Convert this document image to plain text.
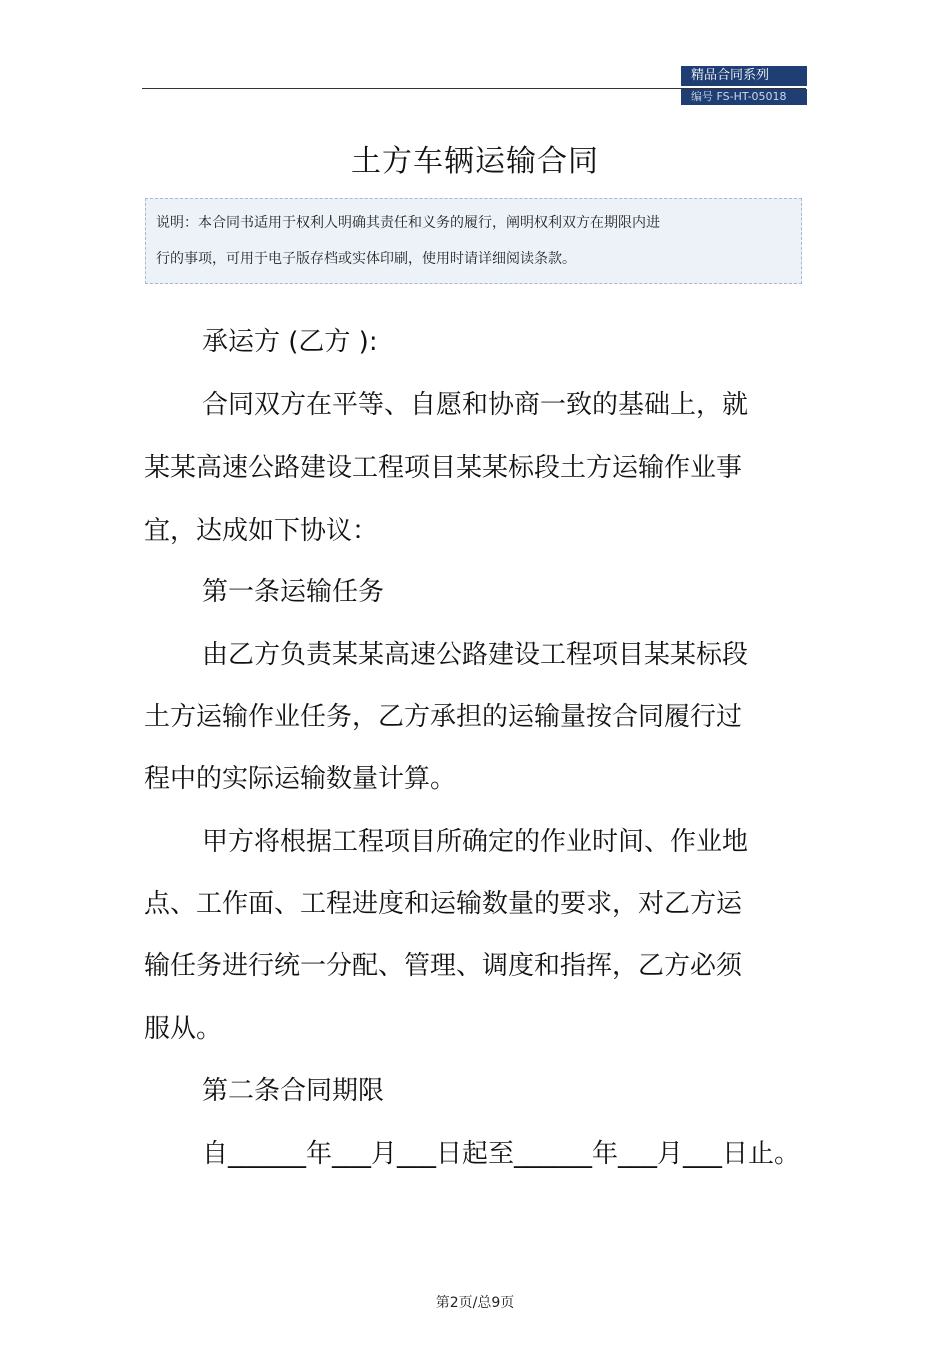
精品合同系列
编号 FS-HT-05018
土方车辆运输合同
说明：本合同书适用于权利人明确其责任和义务的履行，阐明权利双方在期限内进
行的事项，可用于电子版存档或实体印刷，使用时请详细阅读条款。
承运方 (乙方 ):
合同双方在平等、自愿和协商一致的基础上，就
某某高速公路建设工程项目某某标段土方运输作业事
宜，达成如下协议：
第一条运输任务
由乙方负责某某高速公路建设工程项目某某标段
土方运输作业任务，乙方承担的运输量按合同履行过
程中的实际运输数量计算。
甲方将根据工程项目所确定的作业时间、作业地
点、工作面、工程进度和运输数量的要求，对乙方运
输任务进行统一分配、管理、调度和指挥，乙方必须
服从。
第二条合同期限
自______年___月___日起至______年___月___日止。
第2页/总9页
